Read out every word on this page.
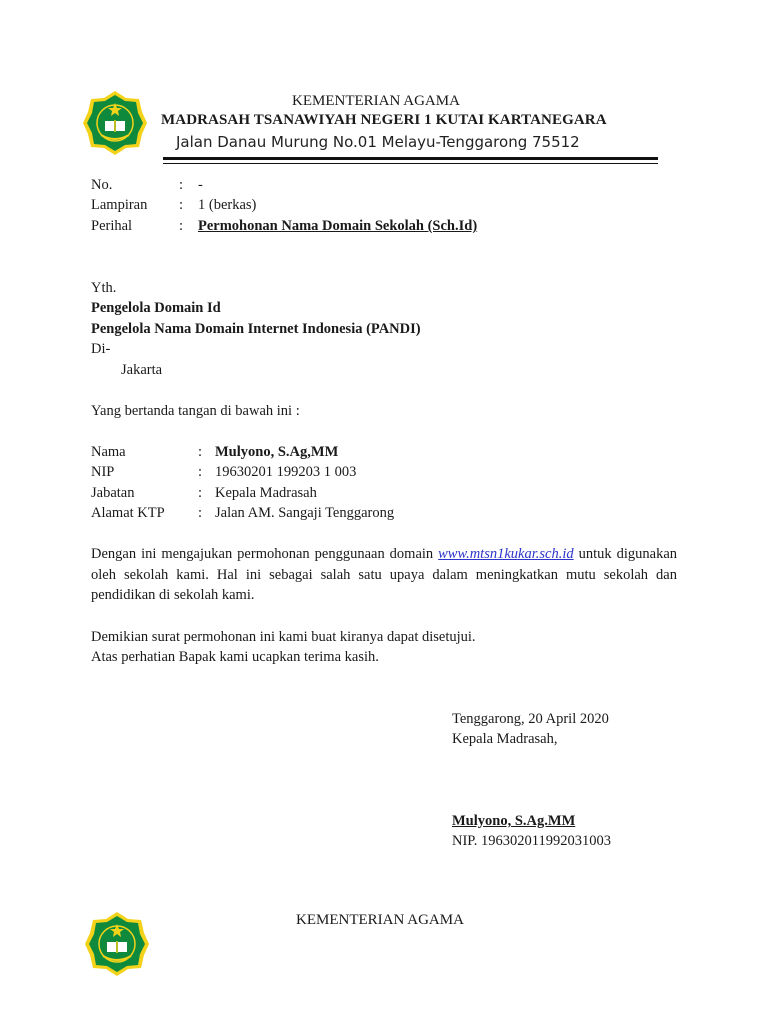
KEMENTERIAN AGAMA
MADRASAH TSANAWIYAH NEGERI 1 KUTAI KARTANEGARA
Jalan Danau Murung No.01 Melayu-Tenggarong 75512
No.	: -
Lampiran : 1 (berkas)
Perihal	: Permohonan Nama Domain Sekolah (Sch.Id)
Yth.
Pengelola Domain Id
Pengelola Nama Domain Internet Indonesia (PANDI)
Di-
Jakarta
Yang bertanda tangan di bawah ini :
Nama	: Mulyono, S.Ag,MM
NIP	: 19630201 199203 1 003
Jabatan	: Kepala Madrasah
Alamat KTP : Jalan AM. Sangaji Tenggarong
Dengan ini mengajukan permohonan penggunaan domain www.mtsn1kukar.sch.id untuk digunakan oleh sekolah kami. Hal ini sebagai salah satu upaya dalam meningkatkan mutu sekolah dan pendidikan di sekolah kami.
Demikian surat permohonan ini kami buat kiranya dapat disetujui.
Atas perhatian Bapak kami ucapkan terima kasih.
Tenggarong, 20 April 2020
Kepala Madrasah,
Mulyono, S.Ag.MM
NIP. 196302011992031003
KEMENTERIAN AGAMA
